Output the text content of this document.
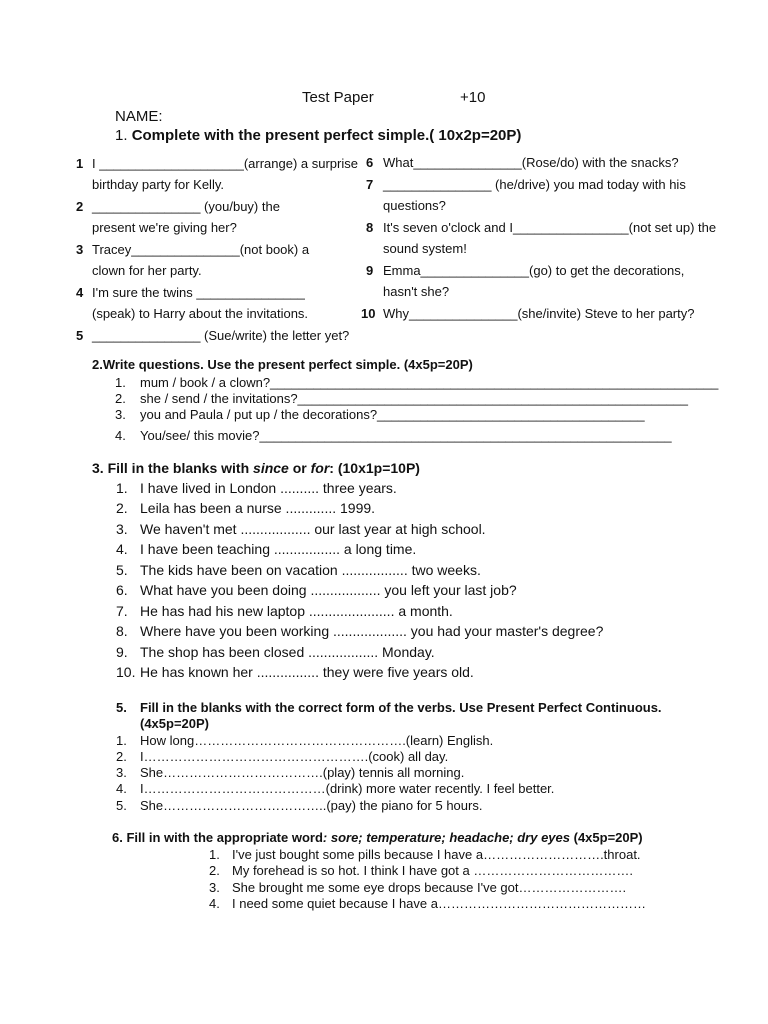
Test Paper	+10
NAME:
1. Complete with the present perfect simple.( 10x2p=20P)
1 I ____________________(arrange) a surprise
birthday party for Kelly.
2 _______________ (you/buy) the
present we're giving her?
3 Tracey_______________(not book) a
clown for her party.
4 I'm sure the twins _______________
(speak) to Harry about the invitations.
5 _______________ (Sue/write) the letter yet?
6 What_______________(Rose/do) with the snacks?
7 _______________ (he/drive) you mad today with his
questions?
8 It's seven o'clock and I________________(not set up) the
sound system!
9 Emma_______________(go) to get the decorations,
hasn't she?
10 Why_______________(she/invite) Steve to her party?
2.Write questions. Use the present perfect simple. (4x5p=20P)
1. mum / book / a clown?______________________________________________________________
2. she / send / the invitations?______________________________________________________
3. you and Paula / put up / the decorations?_____________________________________
4. You/see/ this movie?_________________________________________________________
3. Fill in the blanks with since or for: (10x1p=10P)
1. I have lived in London .......... three years.
2. Leila has been a nurse ............. 1999.
3. We haven't met .................. our last year at high school.
4. I have been teaching ................. a long time.
5. The kids have been on vacation ................. two weeks.
6. What have you been doing .................. you left your last job?
7. He has had his new laptop ...................... a month.
8. Where have you been working ................... you had your master's degree?
9. The shop has been closed .................. Monday.
10. He has known her ................ they were five years old.
5. Fill in the blanks with the correct form of the verbs. Use Present Perfect Continuous.
(4x5p=20P)
1. How long………………………………………….(learn) English.
2. I…………………………………………….(cook) all day.
3. She……………………………….(play) tennis all morning.
4. I……………………………………(drink) more water recently. I feel better.
5. She………………………………..(pay) the piano for 5 hours.
6. Fill in with the appropriate word: sore; temperature; headache; dry eyes (4x5p=20P)
1. I've just bought some pills because I have a……………………….throat.
2. My forehead is so hot. I think I have got a ……………………………….
3. She brought me some eye drops because I've got…………………….
4. I need some quiet because I have a…………………………………………
